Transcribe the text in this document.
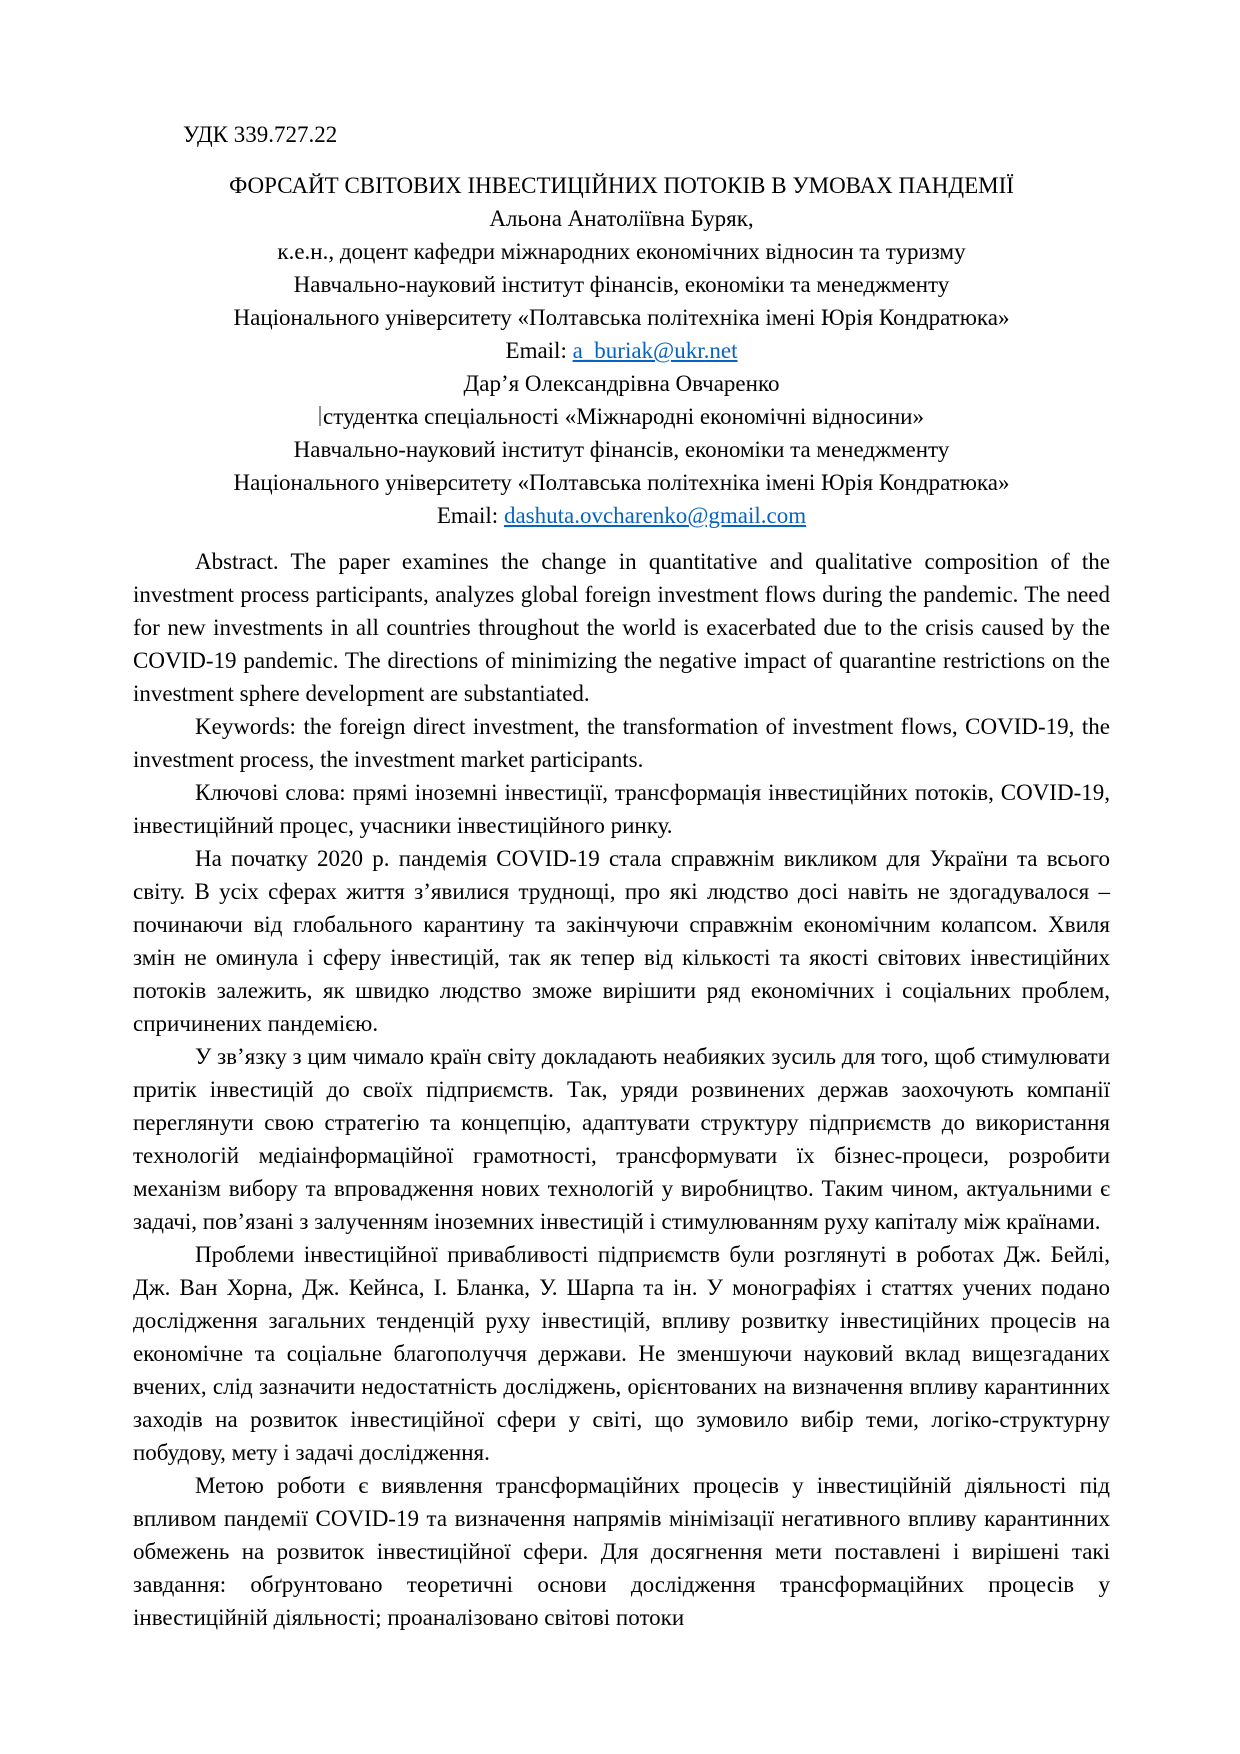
УДК 339.727.22

ФОРСАЙТ СВІТОВИХ ІНВЕСТИЦІЙНИХ ПОТОКІВ В УМОВАХ ПАНДЕМІЇ
Альона Анатоліївна Буряк,
к.е.н., доцент кафедри міжнародних економічних відносин та туризму
Навчально-науковий інститут фінансів, економіки та менеджменту
Національного університету «Полтавська політехніка імені Юрія Кондратюка»
Email: a_buriak@ukr.net
Дар’я Олександрівна Овчаренко
студентка спеціальності «Міжнародні економічні відносини»
Навчально-науковий інститут фінансів, економіки та менеджменту
Національного університету «Полтавська політехніка імені Юрія Кондратюка»
Email: dashuta.ovcharenko@gmail.com

Abstract. The paper examines the change in quantitative and qualitative composition of the investment process participants, analyzes global foreign investment flows during the pandemic. The need for new investments in all countries throughout the world is exacerbated due to the crisis caused by the COVID-19 pandemic. The directions of minimizing the negative impact of quarantine restrictions on the investment sphere development are substantiated.

Keywords: the foreign direct investment, the transformation of investment flows, COVID-19, the investment process, the investment market participants.

Ключові слова: прямі іноземні інвестиції, трансформація інвестиційних потоків, COVID-19, інвестиційний процес, учасники інвестиційного ринку.

На початку 2020 р. пандемія COVID-19 стала справжнім викликом для України та всього світу. В усіх сферах життя з’явилися труднощі, про які людство досі навіть не здогадувалося – починаючи від глобального карантину та закінчуючи справжнім економічним колапсом. Хвиля змін не оминула і сферу інвестицій, так як тепер від кількості та якості світових інвестиційних потоків залежить, як швидко людство зможе вирішити ряд економічних і соціальних проблем, спричинених пандемією.

У зв’язку з цим чимало країн світу докладають неабияких зусиль для того, щоб стимулювати притік інвестицій до своїх підприємств. Так, уряди розвинених держав заохочують компанії переглянути свою стратегію та концепцію, адаптувати структуру підприємств до використання технологій медіаінформаційної грамотності, трансформувати їх бізнес-процеси, розробити механізм вибору та впровадження нових технологій у виробництво. Таким чином, актуальними є задачі, пов’язані з залученням іноземних інвестицій і стимулюванням руху капіталу між країнами.

Проблеми інвестиційної привабливості підприємств були розглянуті в роботах Дж. Бейлі, Дж. Ван Хорна, Дж. Кейнса, І. Бланка, У. Шарпа та ін. У монографіях і статтях учених подано дослідження загальних тенденцій руху інвестицій, впливу розвитку інвестиційних процесів на економічне та соціальне благополуччя держави. Не зменшуючи науковий вклад вищезгаданих вчених, слід зазначити недостатність досліджень, орієнтованих на визначення впливу карантинних заходів на розвиток інвестиційної сфери у світі, що зумовило вибір теми, логіко-структурну побудову, мету і задачі дослідження.

Метою роботи є виявлення трансформаційних процесів у інвестиційній діяльності під впливом пандемії COVID-19 та визначення напрямів мінімізації негативного впливу карантинних обмежень на розвиток інвестиційної сфери. Для досягнення мети поставлені і вирішені такі завдання: обґрунтовано теоретичні основи дослідження трансформаційних процесів у інвестиційній діяльності; проаналізовано світові потоки
